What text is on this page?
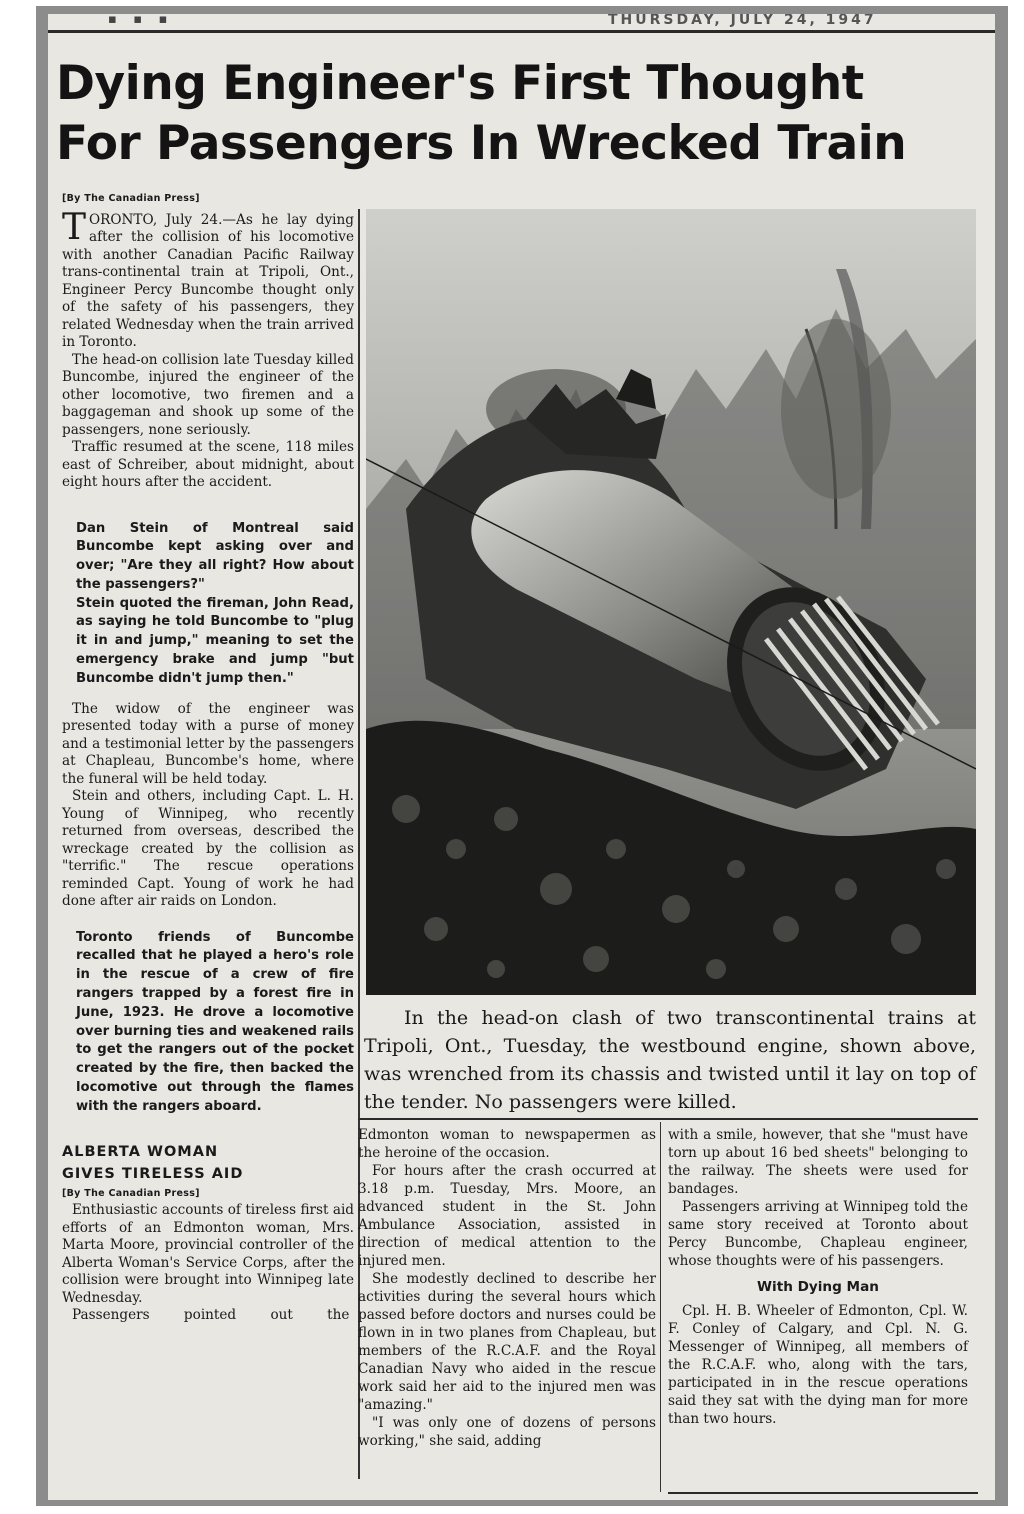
▪ ▪ ▪	THURSDAY, JULY 24, 1947
Dying Engineer's First Thought
For Passengers In Wrecked Train

[By The Canadian Press]

TORONTO, July 24.—As he lay dying after the collision of his locomotive with another Canadian Pacific Railway trans-continental train at Tripoli, Ont., Engineer Percy Buncombe thought only of the safety of his passengers, they related Wednesday when the train arrived in Toronto.

The head-on collision late Tuesday killed Buncombe, injured the engineer of the other locomotive, two firemen and a baggageman and shook up some of the passengers, none seriously.

Traffic resumed at the scene, 118 miles east of Schreiber, about midnight, about eight hours after the accident.

Dan Stein of Montreal said Buncombe kept asking over and over; "Are they all right? How about the passengers?"

Stein quoted the fireman, John Read, as saying he told Buncombe to "plug it in and jump," meaning to set the emergency brake and jump "but Buncombe didn't jump then."

The widow of the engineer was presented today with a purse of money and a testimonial letter by the passengers at Chapleau, Buncombe's home, where the funeral will be held today.

Stein and others, including Capt. L. H. Young of Winnipeg, who recently returned from overseas, described the wreckage created by the collision as "terrific." The rescue operations reminded Capt. Young of work he had done after air raids on London.

Toronto friends of Buncombe recalled that he played a hero's role in the rescue of a crew of fire rangers trapped by a forest fire in June, 1923. He drove a locomotive over burning ties and weakened rails to get the rangers out of the pocket created by the fire, then backed the locomotive out through the flames with the rangers aboard.

ALBERTA WOMAN
GIVES TIRELESS AID

[By The Canadian Press]

Enthusiastic accounts of tireless first aid efforts of an Edmonton woman, Mrs. Marta Moore, provincial controller of the Alberta Woman's Service Corps, after the collision were brought into Winnipeg late Wednesday.

Passengers pointed out the

In the head-on clash of two transcontinental trains at Tripoli, Ont., Tuesday, the westbound engine, shown above, was wrenched from its chassis and twisted until it lay on top of the tender. No passengers were killed.

Edmonton woman to newspapermen as the heroine of the occasion.

For hours after the crash occurred at 3.18 p.m. Tuesday, Mrs. Moore, an advanced student in the St. John Ambulance Association, assisted in direction of medical attention to the injured men.

She modestly declined to describe her activities during the several hours which passed before doctors and nurses could be flown in in two planes from Chapleau, but members of the R.C.A.F. and the Royal Canadian Navy who aided in the rescue work said her aid to the injured men was "amazing."

"I was only one of dozens of persons working," she said, adding

with a smile, however, that she "must have torn up about 16 bed sheets" belonging to the railway. The sheets were used for bandages.

Passengers arriving at Winnipeg told the same story received at Toronto about Percy Buncombe, Chapleau engineer, whose thoughts were of his passengers.

With Dying Man

Cpl. H. B. Wheeler of Edmonton, Cpl. W. F. Conley of Calgary, and Cpl. N. G. Messenger of Winnipeg, all members of the R.C.A.F. who, along with the tars, participated in in the rescue operations said they sat with the dying man for more than two hours.
